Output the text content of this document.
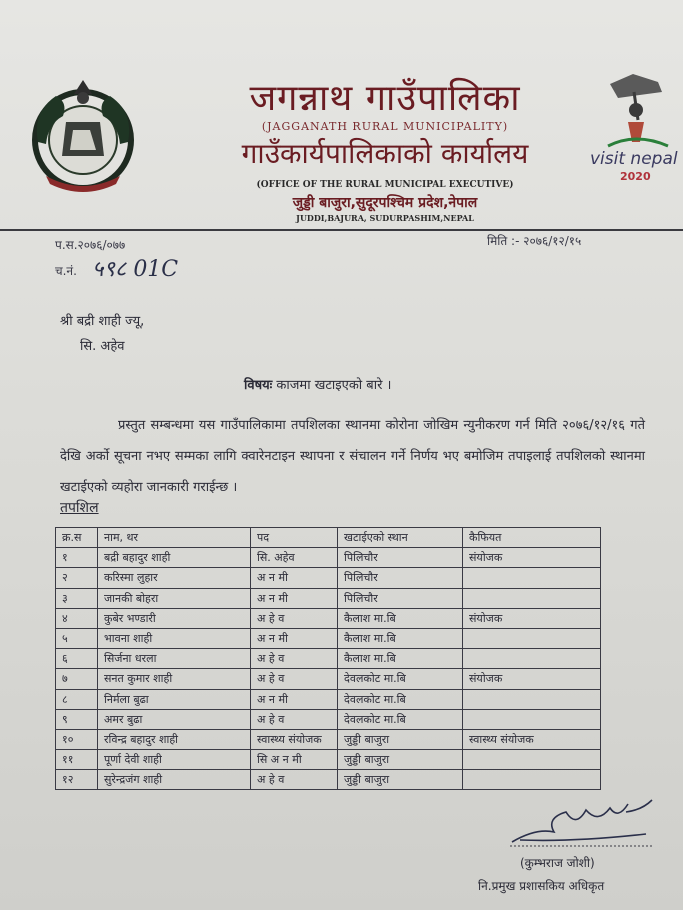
visit nepal
2020
जगन्नाथ गाउँपालिका
(JAGGANATH RURAL MUNICIPALITY)
गाउँकार्यपालिकाको कार्यालय
(OFFICE OF THE RURAL MUNICIPAL EXECUTIVE)
जुड्डी बाजुरा,सुदूरपश्चिम प्रदेश,नेपाल
JUDDI,BAJURA, SUDURPASHIM,NEPAL
प.स.२०७६/०७७	मिति :- २०७६/१२/१५
च.नं. ५९८ 01C
श्री बद्री शाही ज्यू,
सि. अहेव
विषयः काजमा खटाइएको बारे ।
प्रस्तुत सम्बन्धमा यस गाउँपालिकामा तपशिलका स्थानमा कोरोना जोखिम न्युनीकरण गर्न मिति २०७६/१२/१६ गते देखि अर्को सूचना नभए सम्मका लागि क्वारेनटाइन स्थापना र संचालन गर्ने निर्णय भए बमोजिम तपाइलाई तपशिलको स्थानमा खटाईएको व्यहोरा जानकारी गराईन्छ ।
तपशिल
क्र.स	नाम, थर	पद	खटाईएको स्थान	कैफियत
१	बद्री बहादुर शाही	सि. अहेव	पिलिचौर	संयोजक
२	करिस्मा लुहार	अ न मी	पिलिचौर	
३	जानकी बोहरा	अ न मी	पिलिचौर	
४	कुबेर भण्डारी	अ हे व	कैलाश मा.बि	संयोजक
५	भावना शाही	अ न मी	कैलाश मा.बि	
६	सिर्जना धरला	अ हे व	कैलाश मा.बि	
७	सनत कुमार शाही	अ हे व	देवलकोट मा.बि	संयोजक
८	निर्मला बुढा	अ न मी	देवलकोट मा.बि	
९	अमर बुढा	अ हे व	देवलकोट मा.बि	
१०	रविन्द्र बहादुर शाही	स्वास्थ्य संयोजक	जुड्डी बाजुरा	स्वास्थ्य संयोजक
११	पूर्णा देवी शाही	सि अ न मी	जुड्डी बाजुरा	
१२	सुरेन्द्रजंग शाही	अ हे व	जुड्डी बाजुरा	
(कुम्भराज जोशी)
नि.प्रमुख प्रशासकिय अधिकृत
